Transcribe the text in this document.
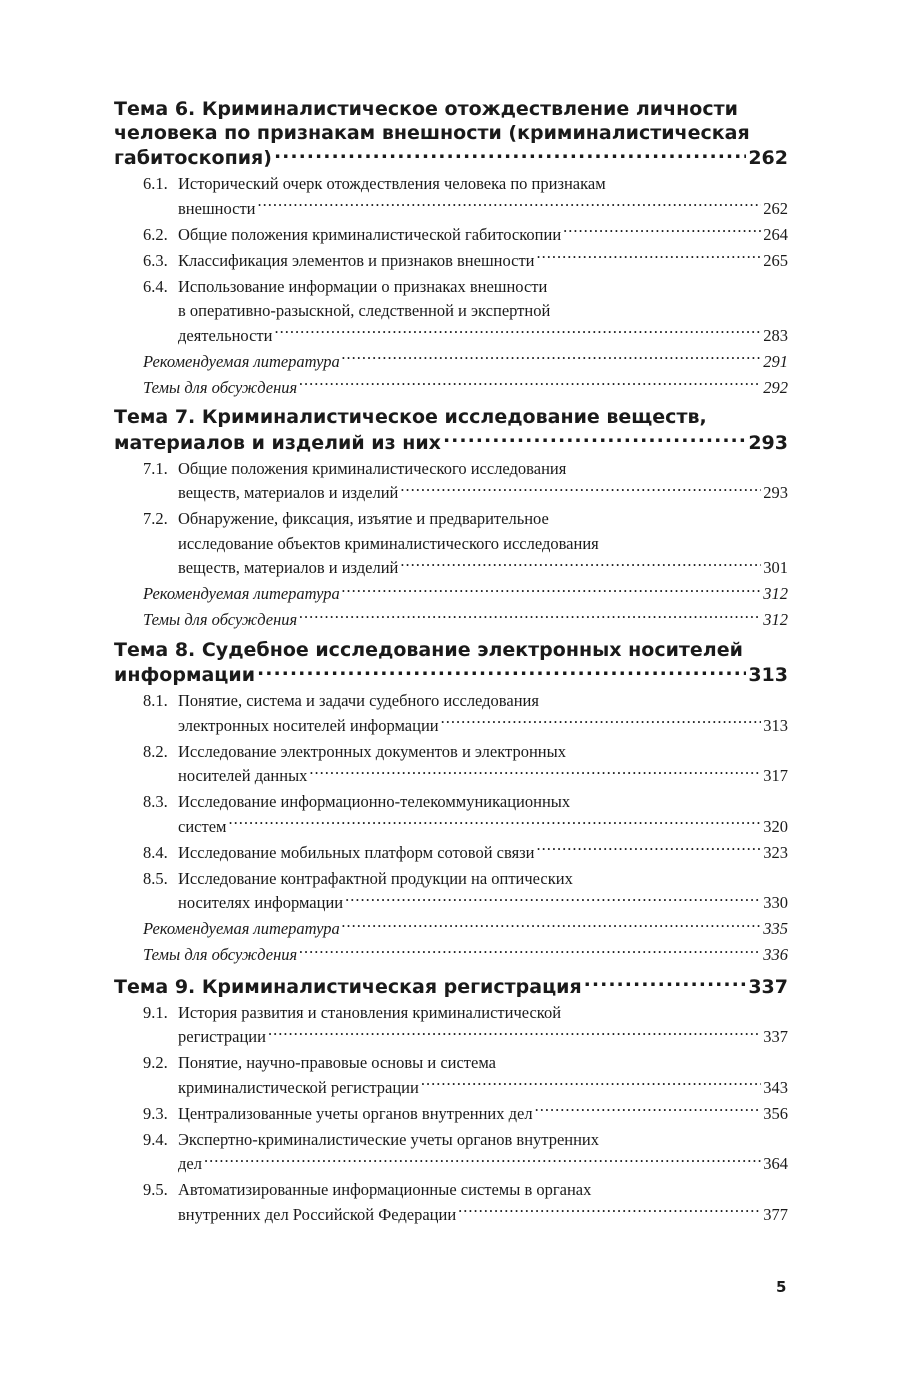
Тема 6. Криминалистическое отождествление личности
человека по признакам внешности (криминалистическая
габитоскопия) .....	262
6.1. Исторический очерк отождествления человека по признакам
внешности .....	262
6.2. Общие положения криминалистической габитоскопии .....	264
6.3. Классификация элементов и признаков внешности .....	265
6.4. Использование информации о признаках внешности
в оперативно-разыскной, следственной и экспертной
деятельности .....	283
Рекомендуемая литература .....	291
Темы для обсуждения .....	292
Тема 7. Криминалистическое исследование веществ,
материалов и изделий из них .....	293
7.1. Общие положения криминалистического исследования
веществ, материалов и изделий .....	293
7.2. Обнаружение, фиксация, изъятие и предварительное
исследование объектов криминалистического исследования
веществ, материалов и изделий .....	301
Рекомендуемая литература .....	312
Темы для обсуждения .....	312
Тема 8. Судебное исследование электронных носителей
информации .....	313
8.1. Понятие, система и задачи судебного исследования
электронных носителей информации .....	313
8.2. Исследование электронных документов и электронных
носителей данных .....	317
8.3. Исследование информационно-телекоммуникационных
систем .....	320
8.4. Исследование мобильных платформ сотовой связи .....	323
8.5. Исследование контрафактной продукции на оптических
носителях информации .....	330
Рекомендуемая литература .....	335
Темы для обсуждения .....	336
Тема 9. Криминалистическая регистрация .....	337
9.1. История развития и становления криминалистической
регистрации .....	337
9.2. Понятие, научно-правовые основы и система
криминалистической регистрации .....	343
9.3. Централизованные учеты органов внутренних дел .....	356
9.4. Экспертно-криминалистические учеты органов внутренних
дел .....	364
9.5. Автоматизированные информационные системы в органах
внутренних дел Российской Федерации .....	377
5
